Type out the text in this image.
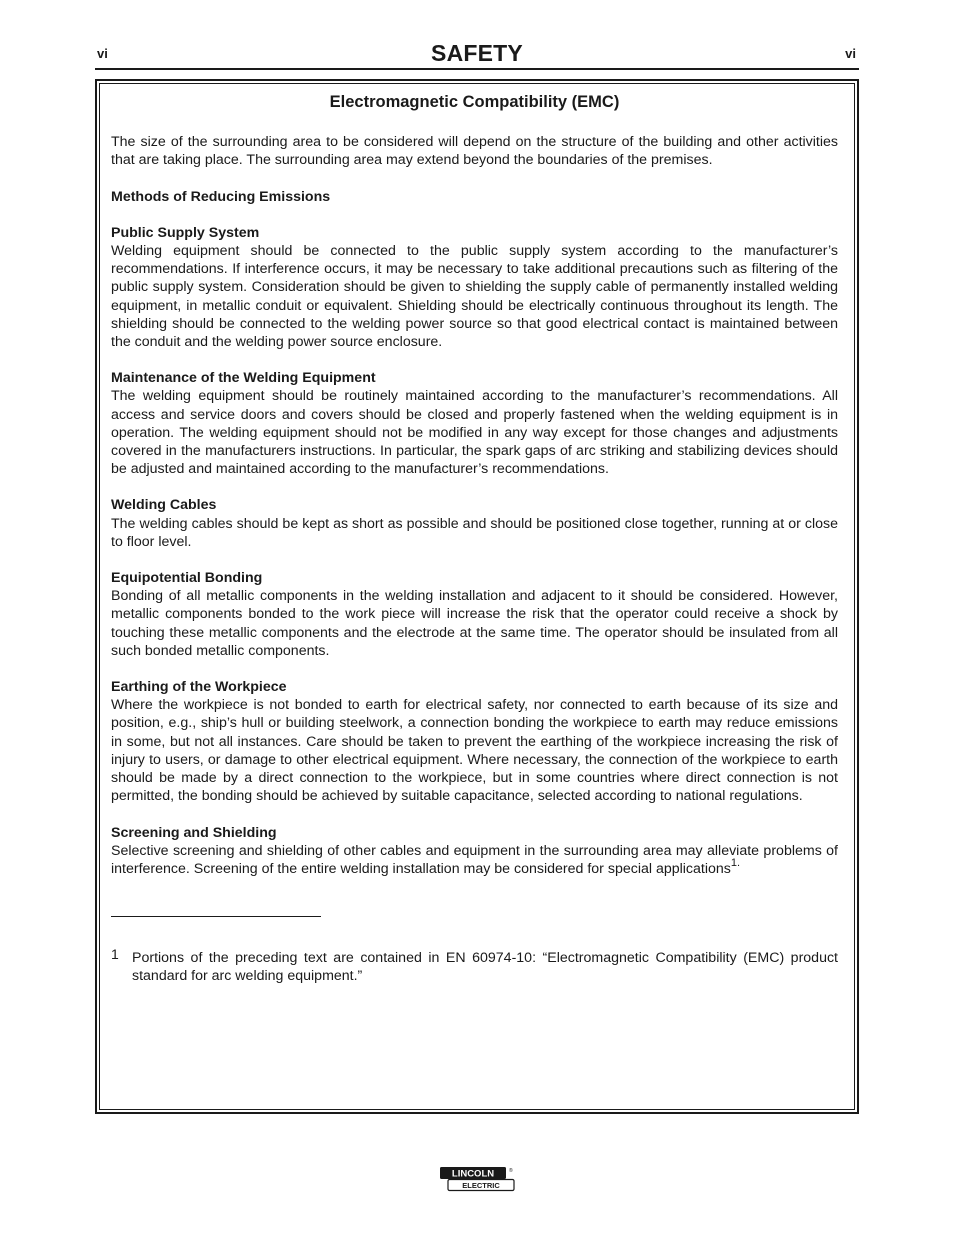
vi	SAFETY	vi
Electromagnetic Compatibility (EMC)

The size of the surrounding area to be considered will depend on the structure of the building and other activities that are taking place. The surrounding area may extend beyond the boundaries of the premises.

Methods of Reducing Emissions

Public Supply System

Welding equipment should be connected to the public supply system according to the manufacturer’s recommendations. If interference occurs, it may be necessary to take additional precautions such as filtering of the public supply system. Consideration should be given to shielding the supply cable of permanently installed welding equipment, in metallic conduit or equivalent. Shielding should be electrically continuous throughout its length. The shielding should be connected to the welding power source so that good electrical contact is maintained between the conduit and the welding power source enclosure.

Maintenance of the Welding Equipment

The welding equipment should be routinely maintained according to the manufacturer’s recommendations. All access and service doors and covers should be closed and properly fastened when the welding equipment is in operation. The welding equipment should not be modified in any way except for those changes and adjustments covered in the manufacturers instructions. In particular, the spark gaps of arc striking and stabilizing devices should be adjusted and maintained according to the manufacturer’s recommendations.

Welding Cables

The welding cables should be kept as short as possible and should be positioned close together, running at or close to floor level.

Equipotential Bonding

Bonding of all metallic components in the welding installation and adjacent to it should be considered. However, metallic components bonded to the work piece will increase the risk that the operator could receive a shock by touching these metallic components and the electrode at the same time. The operator should be insulated from all such bonded metallic components.

Earthing of the Workpiece

Where the workpiece is not bonded to earth for electrical safety, nor connected to earth because of its size and position, e.g., ship’s hull or building steelwork, a connection bonding the workpiece to earth may reduce emissions in some, but not all instances. Care should be taken to prevent the earthing of the workpiece increasing the risk of injury to users, or damage to other electrical equipment. Where necessary, the connection of the workpiece to earth should be made by a direct connection to the workpiece, but in some countries where direct connection is not permitted, the bonding should be achieved by suitable capacitance, selected according to national regulations.

Screening and Shielding

Selective screening and shielding of other cables and equipment in the surrounding area may alleviate problems of interference. Screening of the entire welding installation may be considered for special applications$^{1.}$

1 Portions of the preceding text are contained in EN 60974-10: “Electromagnetic Compatibility (EMC) product standard for arc welding equipment.”
LINCOLN	®
ELECTRIC
